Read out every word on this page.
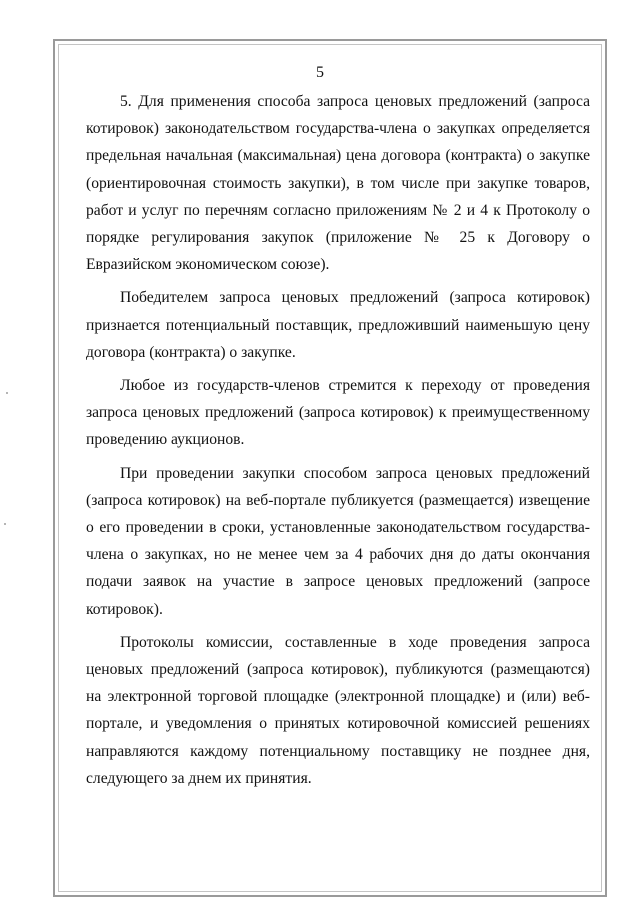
5

5. Для применения способа запроса ценовых предложений (запроса котировок) законодательством государства-члена о закупках определяется предельная начальная (максимальная) цена договора (контракта) о закупке (ориентировочная стоимость закупки), в том числе при закупке товаров, работ и услуг по перечням согласно приложениям № 2 и 4 к Протоколу о порядке регулирования закупок (приложение № 25 к Договору о Евразийском экономическом союзе).

Победителем запроса ценовых предложений (запроса котировок) признается потенциальный поставщик, предложивший наименьшую цену договора (контракта) о закупке.

Любое из государств-членов стремится к переходу от проведения запроса ценовых предложений (запроса котировок) к преимущественному проведению аукционов.

При проведении закупки способом запроса ценовых предложений (запроса котировок) на веб-портале публикуется (размещается) извещение о его проведении в сроки, установленные законодательством государства-члена о закупках, но не менее чем за 4 рабочих дня до даты окончания подачи заявок на участие в запросе ценовых предложений (запросе котировок).

Протоколы комиссии, составленные в ходе проведения запроса ценовых предложений (запроса котировок), публикуются (размещаются) на электронной торговой площадке (электронной площадке) и (или) веб-портале, и уведомления о принятых котировочной комиссией решениях направляются каждому потенциальному поставщику не позднее дня, следующего за днем их принятия.
